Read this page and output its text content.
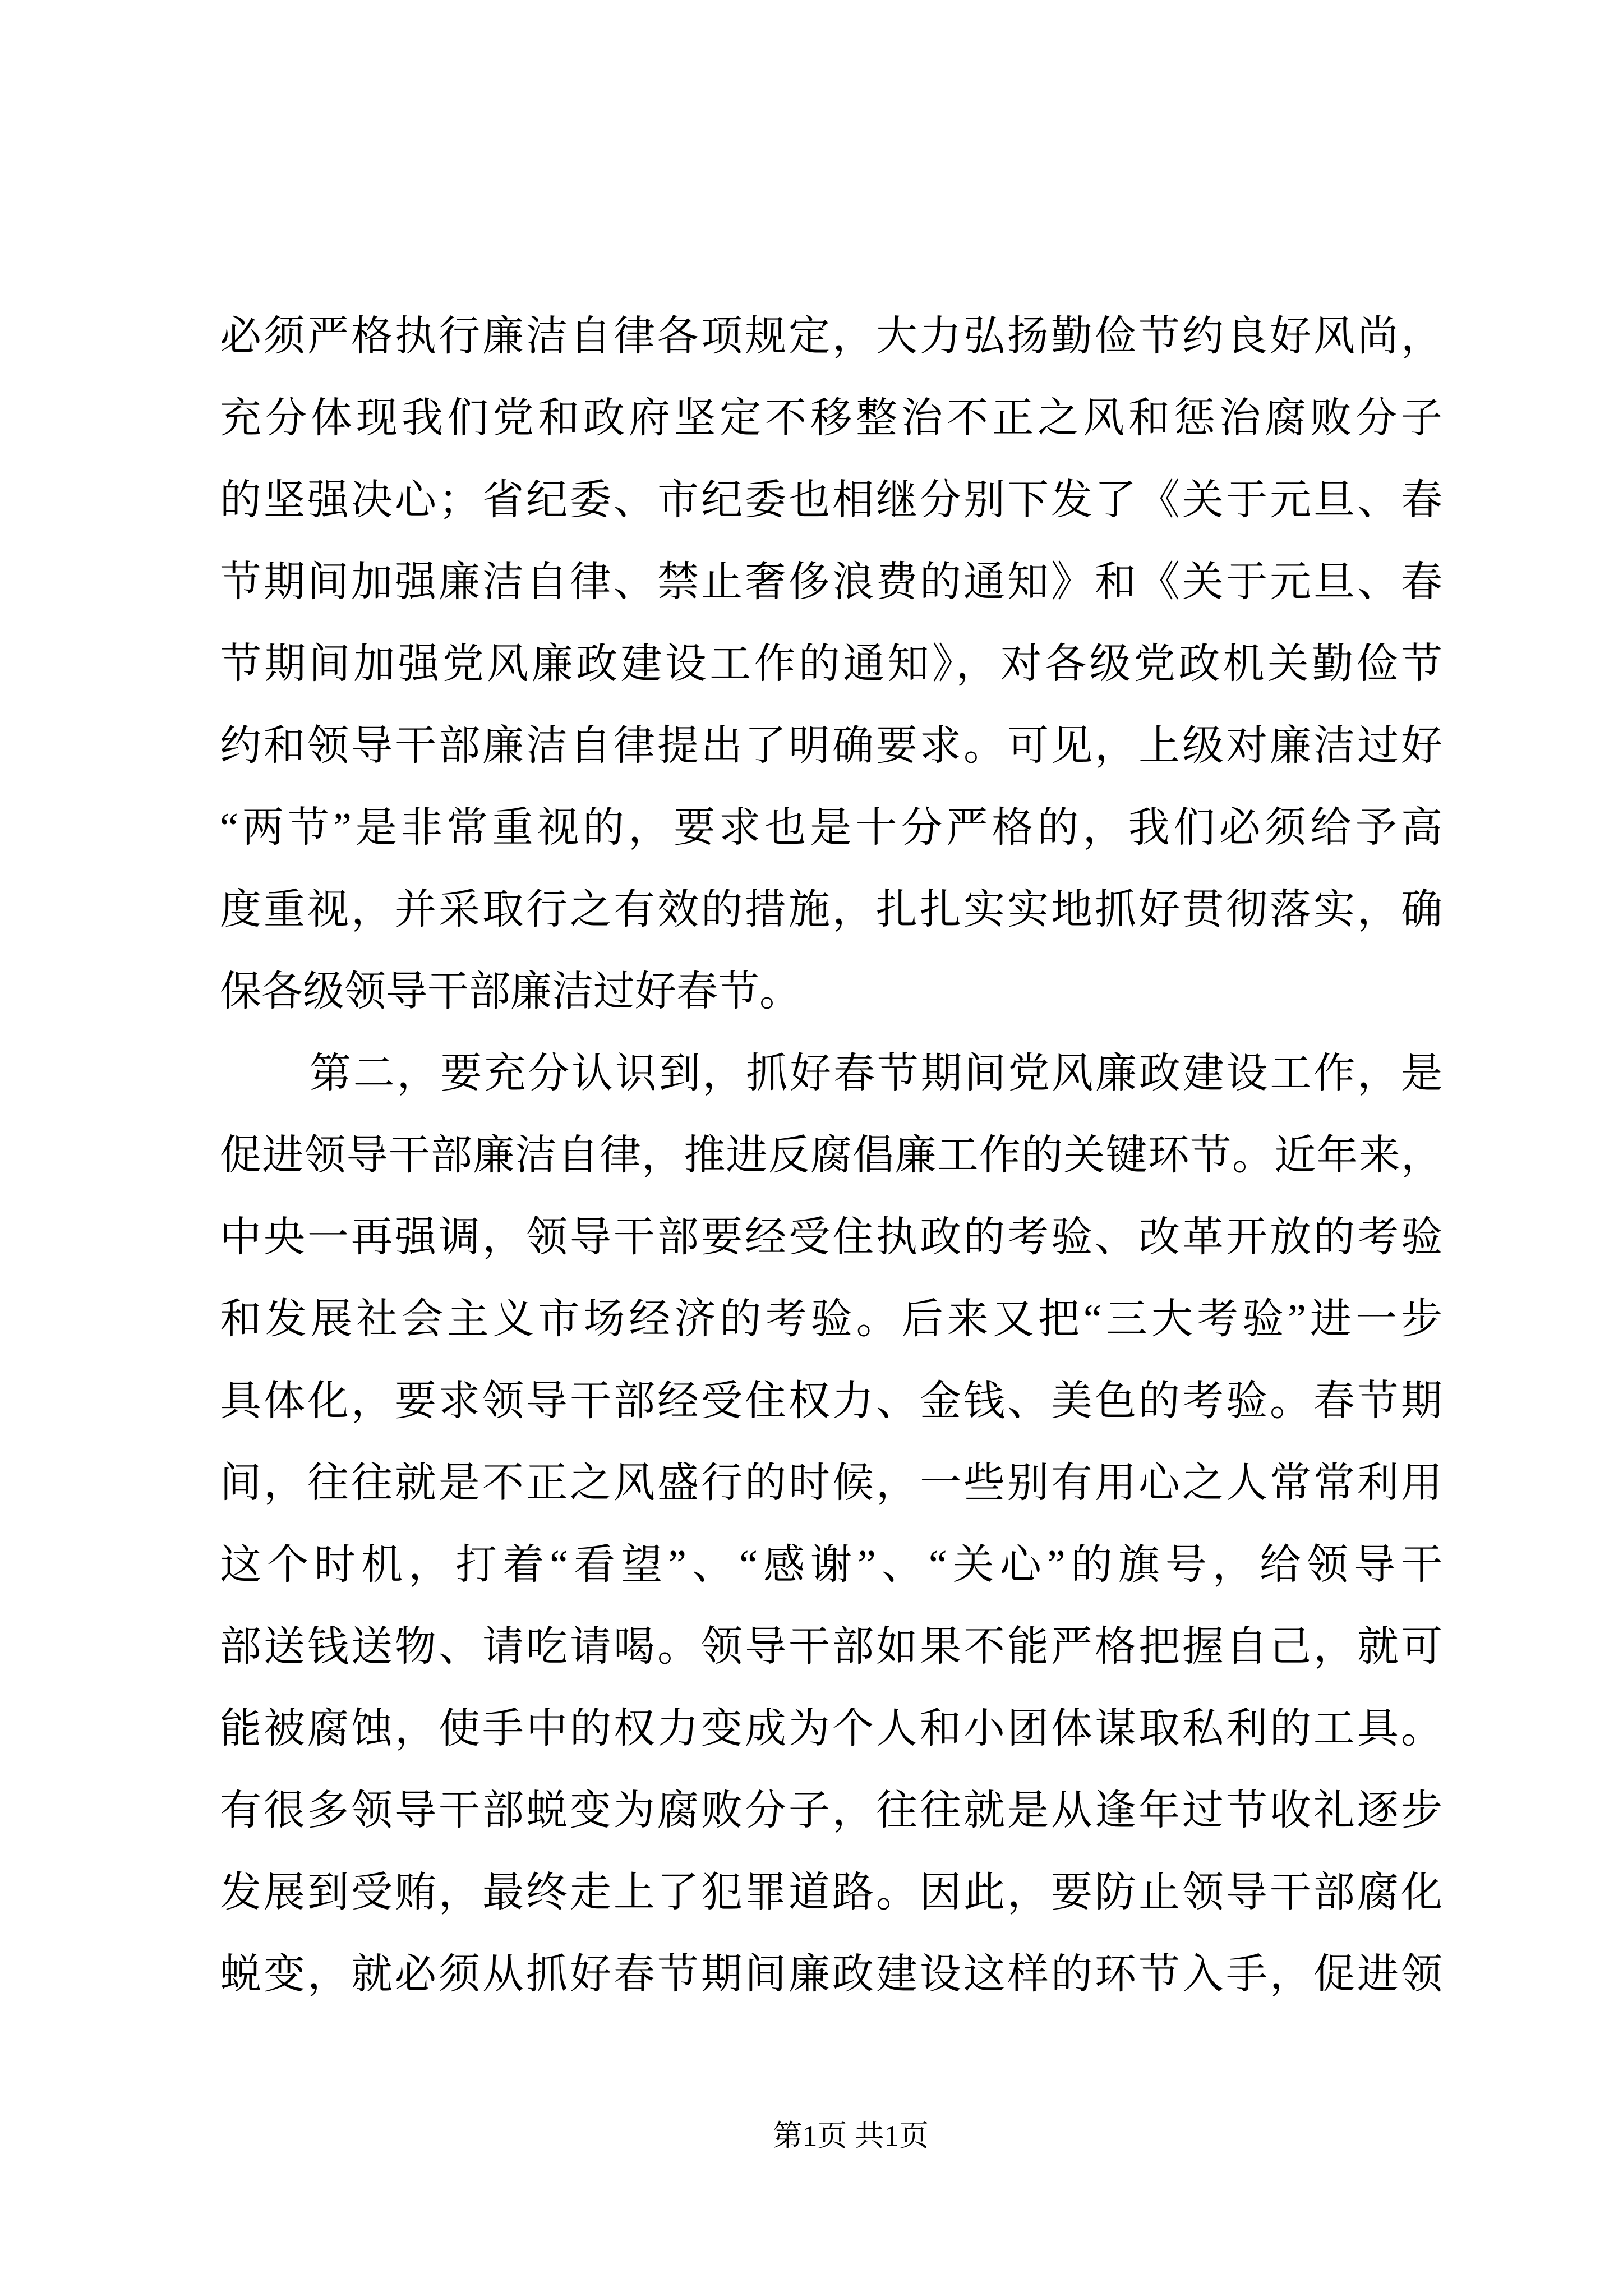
必须严格执行廉洁自律各项规定，大力弘扬勤俭节约良好风尚，
充分体现我们党和政府坚定不移整治不正之风和惩治腐败分子
的坚强决心；省纪委、市纪委也相继分别下发了《关于元旦、春
节期间加强廉洁自律、禁止奢侈浪费的通知》和《关于元旦、春
节期间加强党风廉政建设工作的通知》，对各级党政机关勤俭节
约和领导干部廉洁自律提出了明确要求。可见，上级对廉洁过好
“两节”是非常重视的，要求也是十分严格的，我们必须给予高
度重视，并采取行之有效的措施，扎扎实实地抓好贯彻落实，确
保各级领导干部廉洁过好春节。
第二，要充分认识到，抓好春节期间党风廉政建设工作，是
促进领导干部廉洁自律，推进反腐倡廉工作的关键环节。近年来，
中央一再强调，领导干部要经受住执政的考验、改革开放的考验
和发展社会主义市场经济的考验。后来又把“三大考验”进一步
具体化，要求领导干部经受住权力、金钱、美色的考验。春节期
间，往往就是不正之风盛行的时候，一些别有用心之人常常利用
这个时机，打着“看望”、“感谢”、“关心”的旗号，给领导干
部送钱送物、请吃请喝。领导干部如果不能严格把握自己，就可
能被腐蚀，使手中的权力变成为个人和小团体谋取私利的工具。
有很多领导干部蜕变为腐败分子，往往就是从逢年过节收礼逐步
发展到受贿，最终走上了犯罪道路。因此，要防止领导干部腐化
蜕变，就必须从抓好春节期间廉政建设这样的环节入手，促进领
第1页 共1页
